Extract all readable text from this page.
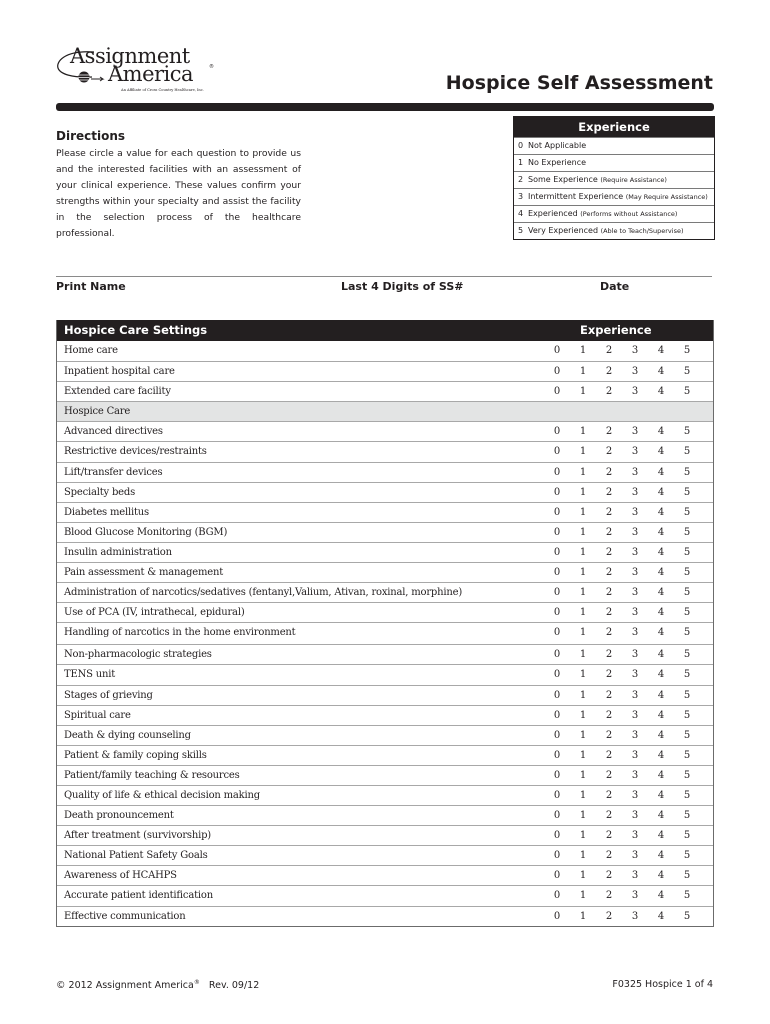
Assignment
America	®
An Affiliate of Cross Country Healthcare, Inc.	Hospice Self Assessment
Directions
Please circle a value for each question to provide us and the interested facilities with an assessment of your clinical experience. These values confirm your strengths within your specialty and assist the facility in the selection process of the healthcare professional.
Experience
0 Not Applicable
1 No Experience
2 Some Experience (Require Assistance)
3 Intermittent Experience (May Require Assistance)
4 Experienced (Performs without Assistance)
5 Very Experienced (Able to Teach/Supervise)
Print Name	Last 4 Digits of SS#	Date
Hospice Care Settings	Experience
Home care	0 1 2 3 4 5
Inpatient hospital care	0 1 2 3 4 5
Extended care facility	0 1 2 3 4 5
Hospice Care
Advanced directives	0 1 2 3 4 5
Restrictive devices/restraints	0 1 2 3 4 5
Lift/transfer devices	0 1 2 3 4 5
Specialty beds	0 1 2 3 4 5
Diabetes mellitus	0 1 2 3 4 5
Blood Glucose Monitoring (BGM)	0 1 2 3 4 5
Insulin administration	0 1 2 3 4 5
Pain assessment & management	0 1 2 3 4 5
Administration of narcotics/sedatives (fentanyl,Valium, Ativan, roxinal, morphine)	0 1 2 3 4 5
Use of PCA (IV, intrathecal, epidural)	0 1 2 3 4 5
Handling of narcotics in the home environment	0 1 2 3 4 5
Non-pharmacologic strategies	0 1 2 3 4 5
TENS unit	0 1 2 3 4 5
Stages of grieving	0 1 2 3 4 5
Spiritual care	0 1 2 3 4 5
Death & dying counseling	0 1 2 3 4 5
Patient & family coping skills	0 1 2 3 4 5
Patient/family teaching & resources	0 1 2 3 4 5
Quality of life & ethical decision making	0 1 2 3 4 5
Death pronouncement	0 1 2 3 4 5
After treatment (survivorship)	0 1 2 3 4 5
National Patient Safety Goals	0 1 2 3 4 5
Awareness of HCAHPS	0 1 2 3 4 5
Accurate patient identification	0 1 2 3 4 5
Effective communication	0 1 2 3 4 5
© 2012 Assignment America® Rev. 09/12	F0325 Hospice 1 of 4
